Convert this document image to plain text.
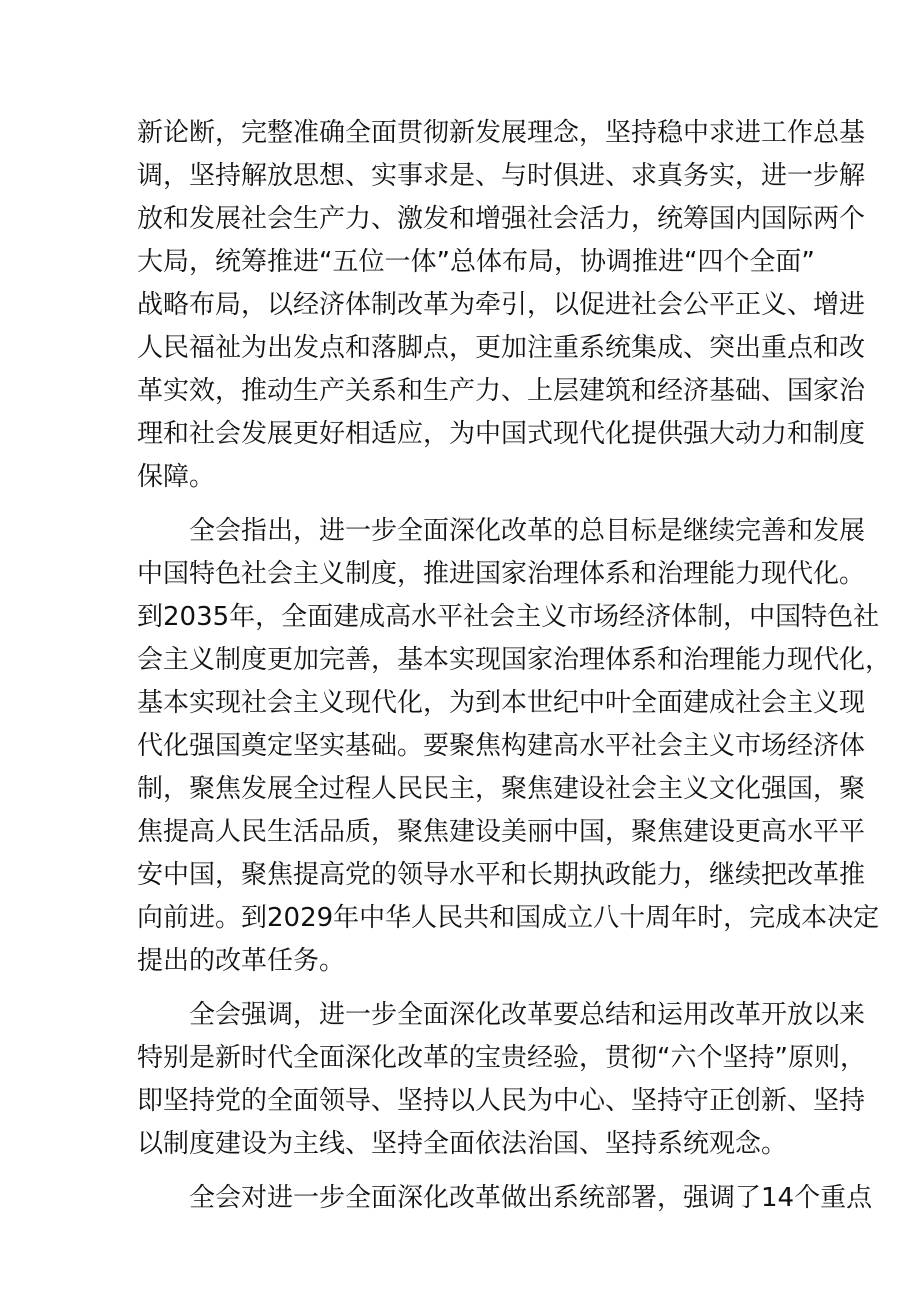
新论断，完整准确全面贯彻新发展理念，坚持稳中求进工作总基
调，坚持解放思想、实事求是、与时俱进、求真务实，进一步解
放和发展社会生产力、激发和增强社会活力，统筹国内国际两个
大局，统筹推进“五位一体”总体布局，协调推进“四个全面”
战略布局，以经济体制改革为牵引，以促进社会公平正义、增进
人民福祉为出发点和落脚点，更加注重系统集成、突出重点和改
革实效，推动生产关系和生产力、上层建筑和经济基础、国家治
理和社会发展更好相适应，为中国式现代化提供强大动力和制度
保障。
全会指出，进一步全面深化改革的总目标是继续完善和发展
中国特色社会主义制度，推进国家治理体系和治理能力现代化。
到2035年，全面建成高水平社会主义市场经济体制，中国特色社
会主义制度更加完善，基本实现国家治理体系和治理能力现代化，
基本实现社会主义现代化，为到本世纪中叶全面建成社会主义现
代化强国奠定坚实基础。要聚焦构建高水平社会主义市场经济体
制，聚焦发展全过程人民民主，聚焦建设社会主义文化强国，聚
焦提高人民生活品质，聚焦建设美丽中国，聚焦建设更高水平平
安中国，聚焦提高党的领导水平和长期执政能力，继续把改革推
向前进。到2029年中华人民共和国成立八十周年时，完成本决定
提出的改革任务。
全会强调，进一步全面深化改革要总结和运用改革开放以来
特别是新时代全面深化改革的宝贵经验，贯彻“六个坚持”原则，
即坚持党的全面领导、坚持以人民为中心、坚持守正创新、坚持
以制度建设为主线、坚持全面依法治国、坚持系统观念。
全会对进一步全面深化改革做出系统部署，强调了14个重点
